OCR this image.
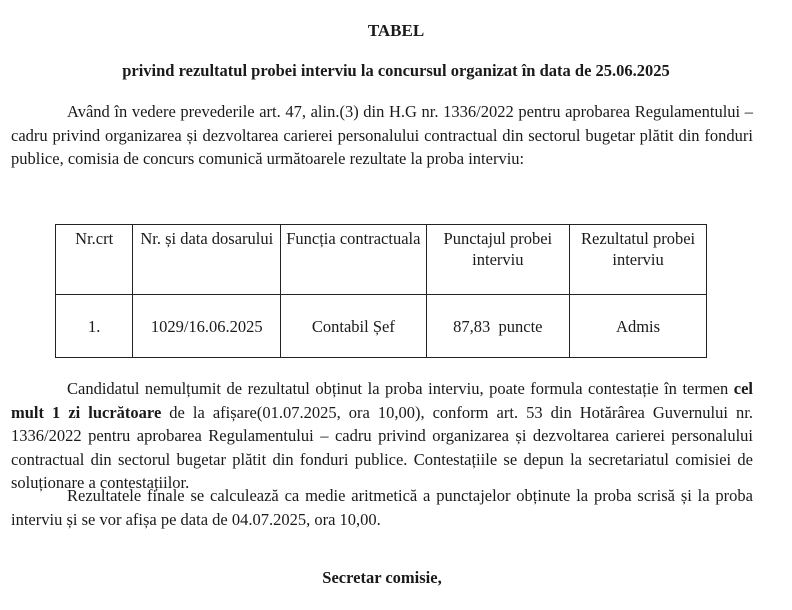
TABEL
privind rezultatul probei interviu la concursul organizat în data de 25.06.2025
Având în vedere prevederile art. 47, alin.(3) din H.G nr. 1336/2022 pentru aprobarea Regulamentului – cadru privind organizarea și dezvoltarea carierei personalului contractual din sectorul bugetar plătit din fonduri publice, comisia de concurs comunică următoarele rezultate la proba interviu:
Nr.crt	Nr. și data dosarului	Funcția contractuala	Punctajul probei interviu	Rezultatul probei interviu
1.	1029/16.06.2025	Contabil Șef	87,83  puncte	Admis
Candidatul nemulțumit de rezultatul obținut la proba interviu, poate formula contestație în termen cel mult 1 zi lucrătoare de la afișare(01.07.2025, ora 10,00), conform art. 53 din Hotărârea Guvernului nr. 1336/2022 pentru aprobarea Regulamentului – cadru privind organizarea și dezvoltarea carierei personalului contractual din sectorul bugetar plătit din fonduri publice. Contestațiile se depun la secretariatul comisiei de soluționare a contestațiilor.
Rezultatele finale se calculează ca medie aritmetică a punctajelor obținute la proba scrisă și la proba interviu și se vor afișa pe data de 04.07.2025, ora 10,00.
Secretar comisie,
